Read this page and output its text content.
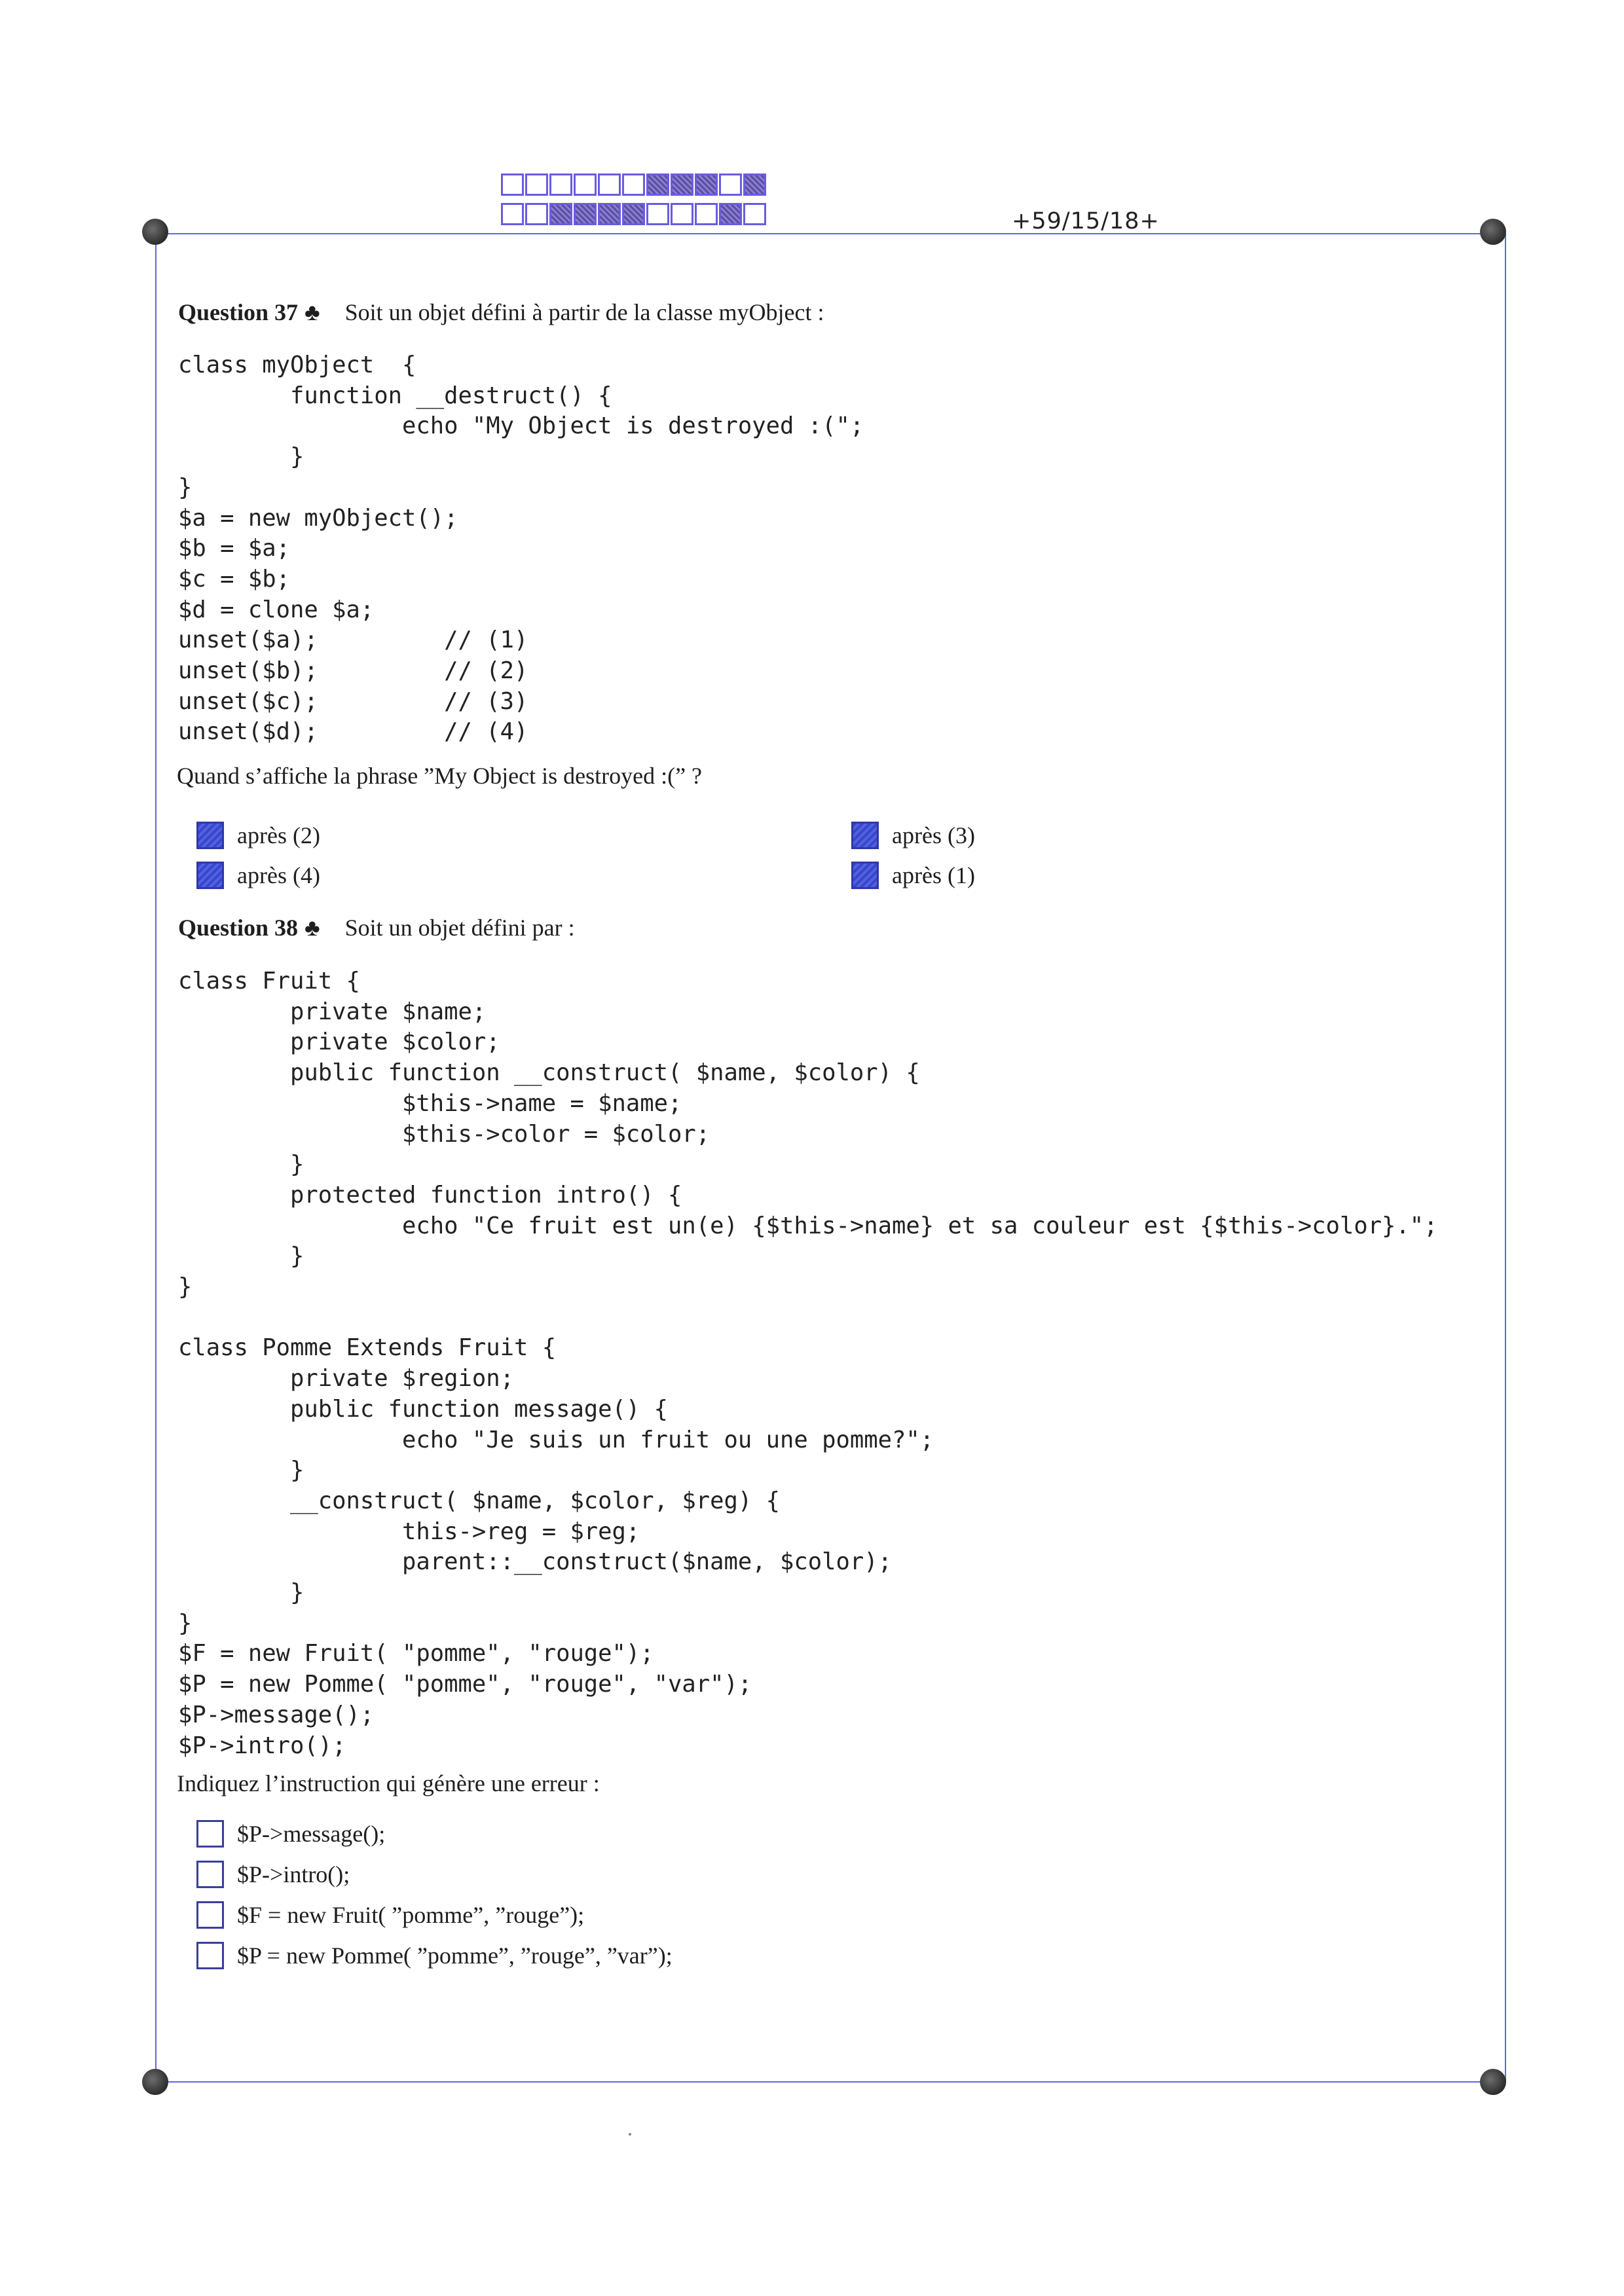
+59/15/18+
Question 37 ♣ Soit un objet défini à partir de la classe myObject :
class myObject  {
function __destruct() {
echo "My Object is destroyed :(";
}
}
$a = new myObject();
$b = $a;
$c = $b;
$d = clone $a;
unset($a);         // (1)
unset($b);         // (2)
unset($c);         // (3)
unset($d);         // (4)
Quand s’affiche la phrase ”My Object is destroyed :(” ?
après (2)	après (3)
après (4)	après (1)
Question 38 ♣ Soit un objet défini par :
class Fruit {
private $name;
private $color;
public function __construct( $name, $color) {
$this->name = $name;
$this->color = $color;
}
protected function intro() {
echo "Ce fruit est un(e) {$this->name} et sa couleur est {$this->color}.";
}
}

class Pomme Extends Fruit {
private $region;
public function message() {
echo "Je suis un fruit ou une pomme?";
}
__construct( $name, $color, $reg) {
this->reg = $reg;
parent::__construct($name, $color);
}
}
$F = new Fruit( "pomme", "rouge");
$P = new Pomme( "pomme", "rouge", "var");
$P->message();
$P->intro();
Indiquez l’instruction qui génère une erreur :
$P->message();
$P->intro();
$F = new Fruit( ”pomme”, ”rouge”);
$P = new Pomme( ”pomme”, ”rouge”, ”var”);
